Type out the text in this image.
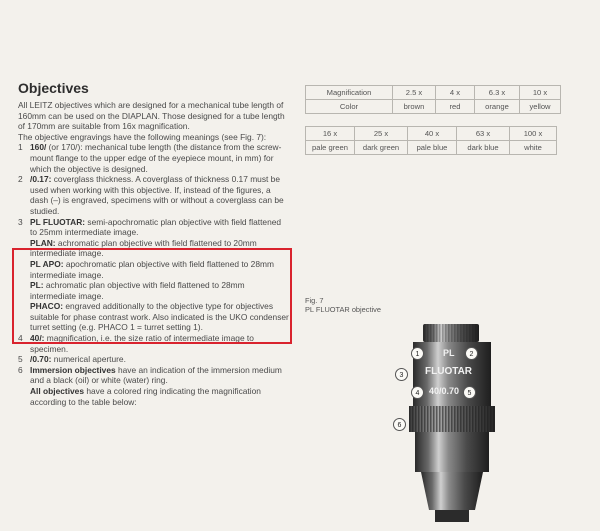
Objectives

All LEITZ objectives which are designed for a mechanical tube length of 160mm can be used on the DIAPLAN. Those designed for a tube length of 170mm are suitable from 16x magnification.

The objective engravings have the following meanings (see Fig. 7):

1 160/ (or 170/): mechanical tube length (the distance from the screw-mount flange to the upper edge of the eyepiece mount, in mm) for which the objective is designed.
2 /0.17: coverglass thickness. A coverglass of thickness 0.17 must be used when working with this objective. If, instead of the figures, a dash (–) is engraved, specimens with or without a coverglass can be studied.
3 PL FLUOTAR: semi-apochromatic plan objective with field flattened to 25mm intermediate image.

PLAN: achromatic plan objective with field flattened to 20mm intermediate image.

PL APO: apochromatic plan objective with field flattened to 28mm intermediate image.

PL: achromatic plan objective with field flattened to 28mm intermediate image.

PHACO: engraved additionally to the objective type for objectives suitable for phase contrast work. Also indicated is the UKO condenser turret setting (e.g. PHACO 1 = turret setting 1).

4 40/: magnification, i.e. the size ratio of intermediate image to specimen.
5 /0.70: numerical aperture.
6 Immersion objectives have an indication of the immersion medium and a black (oil) or white (water) ring.

All objectives have a colored ring indicating the magnification according to the table below:

Magnification	2.5 x	4 x	6.3 x	10 x
Color	brown	red	orange	yellow
16 x	25 x	40 x	63 x	100 x
pale green	dark green	pale blue	dark blue	white
Fig. 7
PL FLUOTAR objective
PL
FLUOTAR
40/0.70
1	2
3
4	5
6
